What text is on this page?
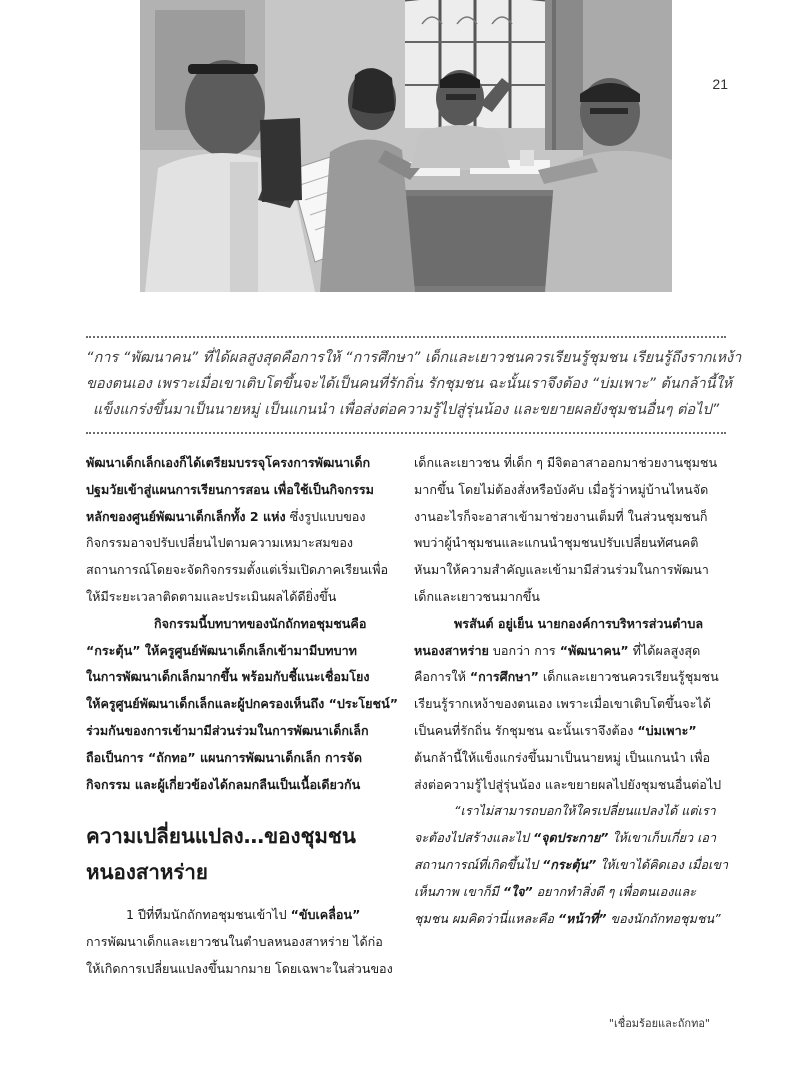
21

“การ “พัฒนาคน” ที่ได้ผลสูงสุดคือการให้ “การศึกษา” เด็กและเยาวชนควรเรียนรู้ชุมชน เรียนรู้ถึงรากเหง้า

ของตนเอง เพราะเมื่อเขาเติบโตขึ้นจะได้เป็นคนที่รักถิ่น รักชุมชน ฉะนั้นเราจึงต้อง “บ่มเพาะ” ต้นกล้านี้ให้

แข็งแกร่งขึ้นมาเป็นนายหมู่ เป็นแกนนำ เพื่อส่งต่อความรู้ไปสู่รุ่นน้อง และขยายผลยังชุมชนอื่นๆ ต่อไป”

พัฒนาเด็กเล็กเองก็ได้เตรียมบรรจุโครงการพัฒนาเด็ก

ปฐมวัยเข้าสู่แผนการเรียนการสอน เพื่อใช้เป็นกิจกรรม

หลักของศูนย์พัฒนาเด็กเล็กทั้ง 2 แห่ง ซึ่งรูปแบบของ

กิจกรรมอาจปรับเปลี่ยนไปตามความเหมาะสมของ

สถานการณ์โดยจะจัดกิจกรรมตั้งแต่เริ่มเปิดภาคเรียนเพื่อ

ให้มีระยะเวลาติดตามและประเมินผลได้ดียิ่งขึ้น

กิจกรรมนี้บทบาทของนักถักทอชุมชนคือ

“กระตุ้น” ให้ครูศูนย์พัฒนาเด็กเล็กเข้ามามีบทบาท

ในการพัฒนาเด็กเล็กมากขึ้น พร้อมกับชี้แนะเชื่อมโยง

ให้ครูศูนย์พัฒนาเด็กเล็กและผู้ปกครองเห็นถึง “ประโยชน์”

ร่วมกันของการเข้ามามีส่วนร่วมในการพัฒนาเด็กเล็ก

ถือเป็นการ “ถักทอ” แผนการพัฒนาเด็กเล็ก การจัด

กิจกรรม และผู้เกี่ยวข้องได้กลมกลืนเป็นเนื้อเดียวกัน

ความเปลี่ยนแปลง…ของชุมชน

หนองสาหร่าย

1 ปีที่ทีมนักถักทอชุมชนเข้าไป “ขับเคลื่อน”

การพัฒนาเด็กและเยาวชนในตำบลหนองสาหร่าย ได้ก่อ

ให้เกิดการเปลี่ยนแปลงขึ้นมากมาย โดยเฉพาะในส่วนของ

เด็กและเยาวชน ที่เด็ก ๆ มีจิตอาสาออกมาช่วยงานชุมชน

มากขึ้น โดยไม่ต้องสั่งหรือบังคับ เมื่อรู้ว่าหมู่บ้านไหนจัด

งานอะไรก็จะอาสาเข้ามาช่วยงานเต็มที่ ในส่วนชุมชนก็

พบว่าผู้นำชุมชนและแกนนำชุมชนปรับเปลี่ยนทัศนคติ

หันมาให้ความสำคัญและเข้ามามีส่วนร่วมในการพัฒนา

เด็กและเยาวชนมากขึ้น

พรสันต์ อยู่เย็น นายกองค์การบริหารส่วนตำบล

หนองสาหร่าย บอกว่า การ “พัฒนาคน” ที่ได้ผลสูงสุด

คือการให้ “การศึกษา” เด็กและเยาวชนควรเรียนรู้ชุมชน

เรียนรู้รากเหง้าของตนเอง เพราะเมื่อเขาเติบโตขึ้นจะได้

เป็นคนที่รักถิ่น รักชุมชน ฉะนั้นเราจึงต้อง “บ่มเพาะ”

ต้นกล้านี้ให้แข็งแกร่งขึ้นมาเป็นนายหมู่ เป็นแกนนำ เพื่อ

ส่งต่อความรู้ไปสู่รุ่นน้อง และขยายผลไปยังชุมชนอื่นต่อไป

“เราไม่สามารถบอกให้ใครเปลี่ยนแปลงได้ แต่เรา

จะต้องไปสร้างและไป “จุดประกาย” ให้เขาเก็บเกี่ยว เอา

สถานการณ์ที่เกิดขึ้นไป “กระตุ้น” ให้เขาได้คิดเอง เมื่อเขา

เห็นภาพ เขาก็มี “ใจ” อยากทำสิ่งดี ๆ เพื่อตนเองและ

ชุมชน ผมคิดว่านี่แหละคือ “หน้าที่” ของนักถักทอชุมชน”

"เชื่อมร้อยและถักทอ"
